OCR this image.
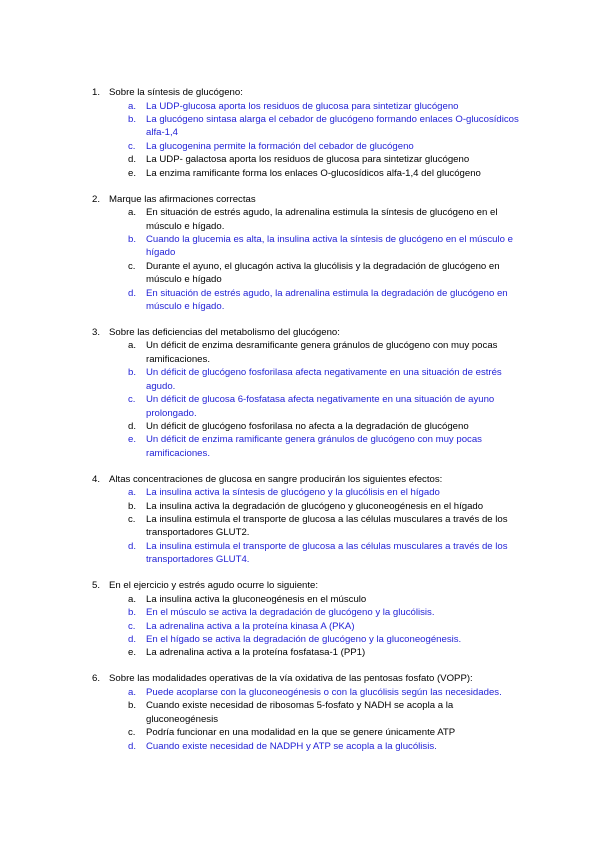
1. Sobre la síntesis de glucógeno:
a. La UDP-glucosa aporta los residuos de glucosa para sintetizar glucógeno
b. La glucógeno sintasa alarga el cebador de glucógeno formando enlaces O-glucosídicos alfa-1,4
c. La glucogenina permite la formación del cebador de glucógeno
d. La UDP- galactosa aporta los residuos de glucosa para sintetizar glucógeno
e. La enzima ramificante forma los enlaces O-glucosídicos alfa-1,4 del glucógeno
2. Marque las afirmaciones correctas
a. En situación de estrés agudo, la adrenalina estimula la síntesis de glucógeno en el músculo e hígado.
b. Cuando la glucemia es alta, la insulina activa la síntesis de glucógeno en el músculo e hígado
c. Durante el ayuno, el glucagón activa la glucólisis y la degradación de glucógeno en músculo e hígado
d. En situación de estrés agudo, la adrenalina estimula la degradación de glucógeno en músculo e hígado.
3. Sobre las deficiencias del metabolismo del glucógeno:
a. Un déficit de enzima desramificante genera gránulos de glucógeno con muy pocas ramificaciones.
b. Un déficit de glucógeno fosforilasa afecta negativamente en una situación de estrés agudo.
c. Un déficit de glucosa 6-fosfatasa afecta negativamente en una situación de ayuno prolongado.
d. Un déficit de glucógeno fosforilasa no afecta a la degradación de glucógeno
e. Un déficit de enzima ramificante genera gránulos de glucógeno con muy pocas ramificaciones.
4. Altas concentraciones de glucosa en sangre producirán los siguientes efectos:
a. La insulina activa la síntesis de glucógeno y la glucólisis en el hígado
b. La insulina activa la degradación de glucógeno y gluconeogénesis en el hígado
c. La insulina estimula el transporte de glucosa a las células musculares a través de los transportadores GLUT2.
d. La insulina estimula el transporte de glucosa a las células musculares a través de los transportadores GLUT4.
5. En el ejercicio y estrés agudo ocurre lo siguiente:
a. La insulina activa la gluconeogénesis en el músculo
b. En el músculo se activa la degradación de glucógeno y la glucólisis.
c. La adrenalina activa a la proteína kinasa A (PKA)
d. En el hígado se activa la degradación de glucógeno y la gluconeogénesis.
e. La adrenalina activa a la proteína fosfatasa-1 (PP1)
6. Sobre las modalidades operativas de la vía oxidativa de las pentosas fosfato (VOPP):
a. Puede acoplarse con la gluconeogénesis o con la glucólisis según las necesidades.
b. Cuando existe necesidad de ribosomas 5-fosfato y NADH se acopla a la gluconeogénesis
c. Podría funcionar en una modalidad en la que se genere únicamente ATP
d. Cuando existe necesidad de NADPH y ATP se acopla a la glucólisis.
